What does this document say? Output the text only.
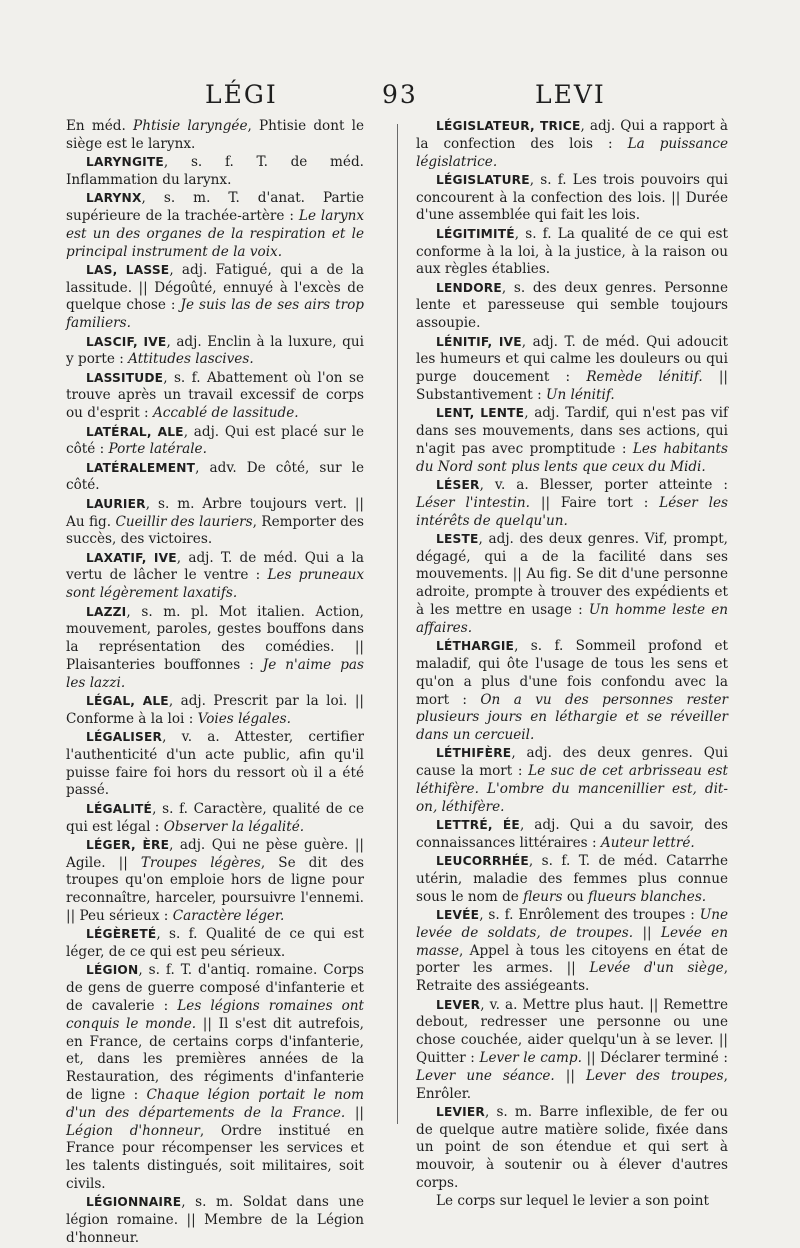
LÉGI	93	LEVI

En méd. Phtisie laryngée, Phtisie dont le siège est le larynx.

LARYNGITE, s. f. T. de méd. Inflammation du larynx.

LARYNX, s. m. T. d'anat. Partie supérieure de la trachée-artère : Le larynx est un des organes de la respiration et le principal instrument de la voix.

LAS, LASSE, adj. Fatigué, qui a de la lassitude. || Dégoûté, ennuyé à l'excès de quelque chose : Je suis las de ses airs trop familiers.

LASCIF, IVE, adj. Enclin à la luxure, qui y porte : Attitudes lascives.

LASSITUDE, s. f. Abattement où l'on se trouve après un travail excessif de corps ou d'esprit : Accablé de lassitude.

LATÉRAL, ALE, adj. Qui est placé sur le côté : Porte latérale.

LATÉRALEMENT, adv. De côté, sur le côté.

LAURIER, s. m. Arbre toujours vert. || Au fig. Cueillir des lauriers, Remporter des succès, des victoires.

LAXATIF, IVE, adj. T. de méd. Qui a la vertu de lâcher le ventre : Les pruneaux sont légèrement laxatifs.

LAZZI, s. m. pl. Mot italien. Action, mouvement, paroles, gestes bouffons dans la représentation des comédies. || Plaisanteries bouffonnes : Je n'aime pas les lazzi.

LÉGAL, ALE, adj. Prescrit par la loi. || Conforme à la loi : Voies légales.

LÉGALISER, v. a. Attester, certifier l'authenticité d'un acte public, afin qu'il puisse faire foi hors du ressort où il a été passé.

LÉGALITÉ, s. f. Caractère, qualité de ce qui est légal : Observer la légalité.

LÉGER, ÈRE, adj. Qui ne pèse guère. || Agile. || Troupes légères, Se dit des troupes qu'on emploie hors de ligne pour reconnaître, harceler, poursuivre l'ennemi. || Peu sérieux : Caractère léger.

LÉGÈRETÉ, s. f. Qualité de ce qui est léger, de ce qui est peu sérieux.

LÉGION, s. f. T. d'antiq. romaine. Corps de gens de guerre composé d'infanterie et de cavalerie : Les légions romaines ont conquis le monde. || Il s'est dit autrefois, en France, de certains corps d'infanterie, et, dans les premières années de la Restauration, des régiments d'infanterie de ligne : Chaque légion portait le nom d'un des départements de la France. || Légion d'honneur, Ordre institué en France pour récompenser les services et les talents distingués, soit militaires, soit civils.

LÉGIONNAIRE, s. m. Soldat dans une légion romaine. || Membre de la Légion d'honneur.

LÉGISLATEUR, TRICE, adj. Qui a rapport à la confection des lois : La puissance législatrice.

LÉGISLATURE, s. f. Les trois pouvoirs qui concourent à la confection des lois. || Durée d'une assemblée qui fait les lois.

LÉGITIMITÉ, s. f. La qualité de ce qui est conforme à la loi, à la justice, à la raison ou aux règles établies.

LENDORE, s. des deux genres. Personne lente et paresseuse qui semble toujours assoupie.

LÉNITIF, IVE, adj. T. de méd. Qui adoucit les humeurs et qui calme les douleurs ou qui purge doucement : Remède lénitif. || Substantivement : Un lénitif.

LENT, LENTE, adj. Tardif, qui n'est pas vif dans ses mouvements, dans ses actions, qui n'agit pas avec promptitude : Les habitants du Nord sont plus lents que ceux du Midi.

LÉSER, v. a. Blesser, porter atteinte : Léser l'intestin. || Faire tort : Léser les intérêts de quelqu'un.

LESTE, adj. des deux genres. Vif, prompt, dégagé, qui a de la facilité dans ses mouvements. || Au fig. Se dit d'une personne adroite, prompte à trouver des expédients et à les mettre en usage : Un homme leste en affaires.

LÉTHARGIE, s. f. Sommeil profond et maladif, qui ôte l'usage de tous les sens et qu'on a plus d'une fois confondu avec la mort : On a vu des personnes rester plusieurs jours en léthargie et se réveiller dans un cercueil.

LÉTHIFÈRE, adj. des deux genres. Qui cause la mort : Le suc de cet arbrisseau est léthifère. L'ombre du mancenillier est, dit-on, léthifère.

LETTRÉ, ÉE, adj. Qui a du savoir, des connaissances littéraires : Auteur lettré.

LEUCORRHÉE, s. f. T. de méd. Catarrhe utérin, maladie des femmes plus connue sous le nom de fleurs ou flueurs blanches.

LEVÉE, s. f. Enrôlement des troupes : Une levée de soldats, de troupes. || Levée en masse, Appel à tous les citoyens en état de porter les armes. || Levée d'un siège, Retraite des assiégeants.

LEVER, v. a. Mettre plus haut. || Remettre debout, redresser une personne ou une chose couchée, aider quelqu'un à se lever. || Quitter : Lever le camp. || Déclarer terminé : Lever une séance. || Lever des troupes, Enrôler.

LEVIER, s. m. Barre inflexible, de fer ou de quelque autre matière solide, fixée dans un point de son étendue et qui sert à mouvoir, à soutenir ou à élever d'autres corps.

Le corps sur lequel le levier a son point
